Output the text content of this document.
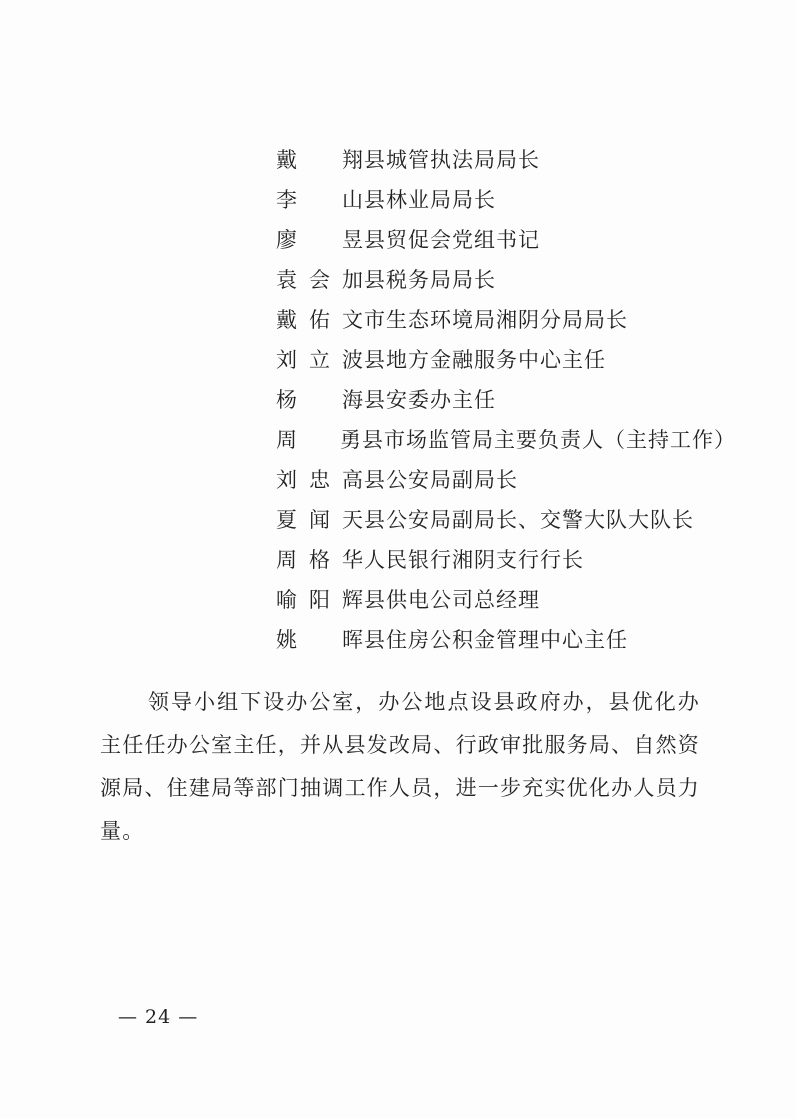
戴　翔 县城管执法局局长
李　山 县林业局局长
廖　昱 县贸促会党组书记
袁会加 县税务局局长
戴佑文 市生态环境局湘阴分局局长
刘立波 县地方金融服务中心主任
杨　海 县安委办主任
周　勇 县市场监管局主要负责人（主持工作）
刘忠高 县公安局副局长
夏闻天 县公安局副局长、交警大队大队长
周格华 人民银行湘阴支行行长
喻阳辉 县供电公司总经理
姚　晖 县住房公积金管理中心主任

领导小组下设办公室，办公地点设县政府办，县优化办主任任办公室主任，并从县发改局、行政审批服务局、自然资源局、住建局等部门抽调工作人员，进一步充实优化办人员力量。

— 24 —
